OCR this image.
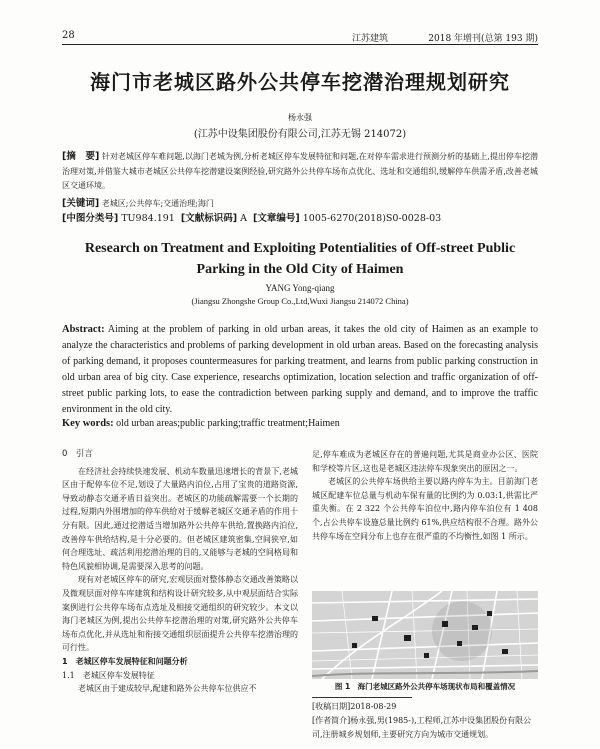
28	江苏建筑	2018 年增刊(总第 193 期)
海门市老城区路外公共停车挖潜治理规划研究
杨永强
(江苏中设集团股份有限公司,江苏无锡 214072)
[摘　要] 针对老城区停车难问题,以海门老城为例,分析老城区停车发展特征和问题,在对停车需求进行预测分析的基础上,提出停车挖潜治理对策,并借鉴大城市老城区公共停车挖潜建设案例经验,研究路外公共停车场布点优化、选址和交通组织,缓解停车供需矛盾,改善老城区交通环境。
[关键词] 老城区;公共停车;交通治理;海门
[中图分类号] TU984.191 [文献标识码] A [文章编号] 1005-6270(2018)S0-0028-03
Research on Treatment and Exploiting Potentialities of Off-street Public Parking in the Old City of Haimen
YANG Yong-qiang
(Jiangsu Zhongshe Group Co.,Ltd,Wuxi Jiangsu 214072 China)
Abstract: Aiming at the problem of parking in old urban areas, it takes the old city of Haimen as an example to analyze the characteristics and problems of parking development in old urban areas. Based on the forecasting analysis of parking demand, it proposes countermeasures for parking treatment, and learns from public parking construction in old urban area of big city. Case experience, researchs optimization, location selection and traffic organization of off-street public parking lots, to ease the contradiction between parking supply and demand, and to improve the traffic environment in the old city.
Key words: old urban areas;public parking;traffic treatment;Haimen

0　引言

在经济社会持续快速发展、机动车数量迅速增长的背景下,老城区由于配停车位不足,划设了大量路内泊位,占用了宝贵的道路资源,导致动静态交通矛盾日益突出。老城区的功能疏解需要一个长期的过程,短期内外围增加的停车供给对于缓解老城区交通矛盾的作用十分有限。因此,通过挖潜适当增加路外公共停车供给,置换路内泊位,改善停车供给结构,是十分必要的。但老城区建筑密集,空间狭窄,如何合理选址、疏活利用挖潜治理的目的,又能够与老城的空间格局和特色风貌相协调,是需要深入思考的问题。

现有对老城区停车的研究,宏观层面对整体静态交通改善策略以及微观层面对停车库建筑和结构设计研究较多,从中观层面结合实际案例进行公共停车场布点选址及相接交通组织的研究较少。本文以海门老城区为例,提出公共停车挖潜治理的对策,研究路外公共停车场布点优化,并从选址和衔接交通组织层面提升公共停车挖潜治理的可行性。

1　老城区停车发展特征和问题分析

1.1　老城区停车发展特征

老城区由于建成较早,配建和路外公共停车位供应不

足,停车难成为老城区存在的普遍问题,尤其是商业办公区、医院和学校等片区,这也是老城区违法停车现象突出的原因之一。

老城区的公共停车场供给主要以路内停车为主。目前海门老城区配建车位总量与机动车保有量的比例约为 0.03:1,供需比严重失衡。在 2 322 个公共停车泊位中,路内停车泊位有 1 408 个,占公共停车设施总量比例约 61%,供应结构很不合理。路外公共停车场在空间分布上也存在很严重的不均衡性,如图 1 所示。

图 1　海门老城区路外公共停车场现状布局和覆盖情况
[收稿日期]2018-08-29
[作者简介]杨永强,男(1985-),工程师,江苏中设集团股份有限公司,注册城乡规划师,主要研究方向为城市交通规划。
